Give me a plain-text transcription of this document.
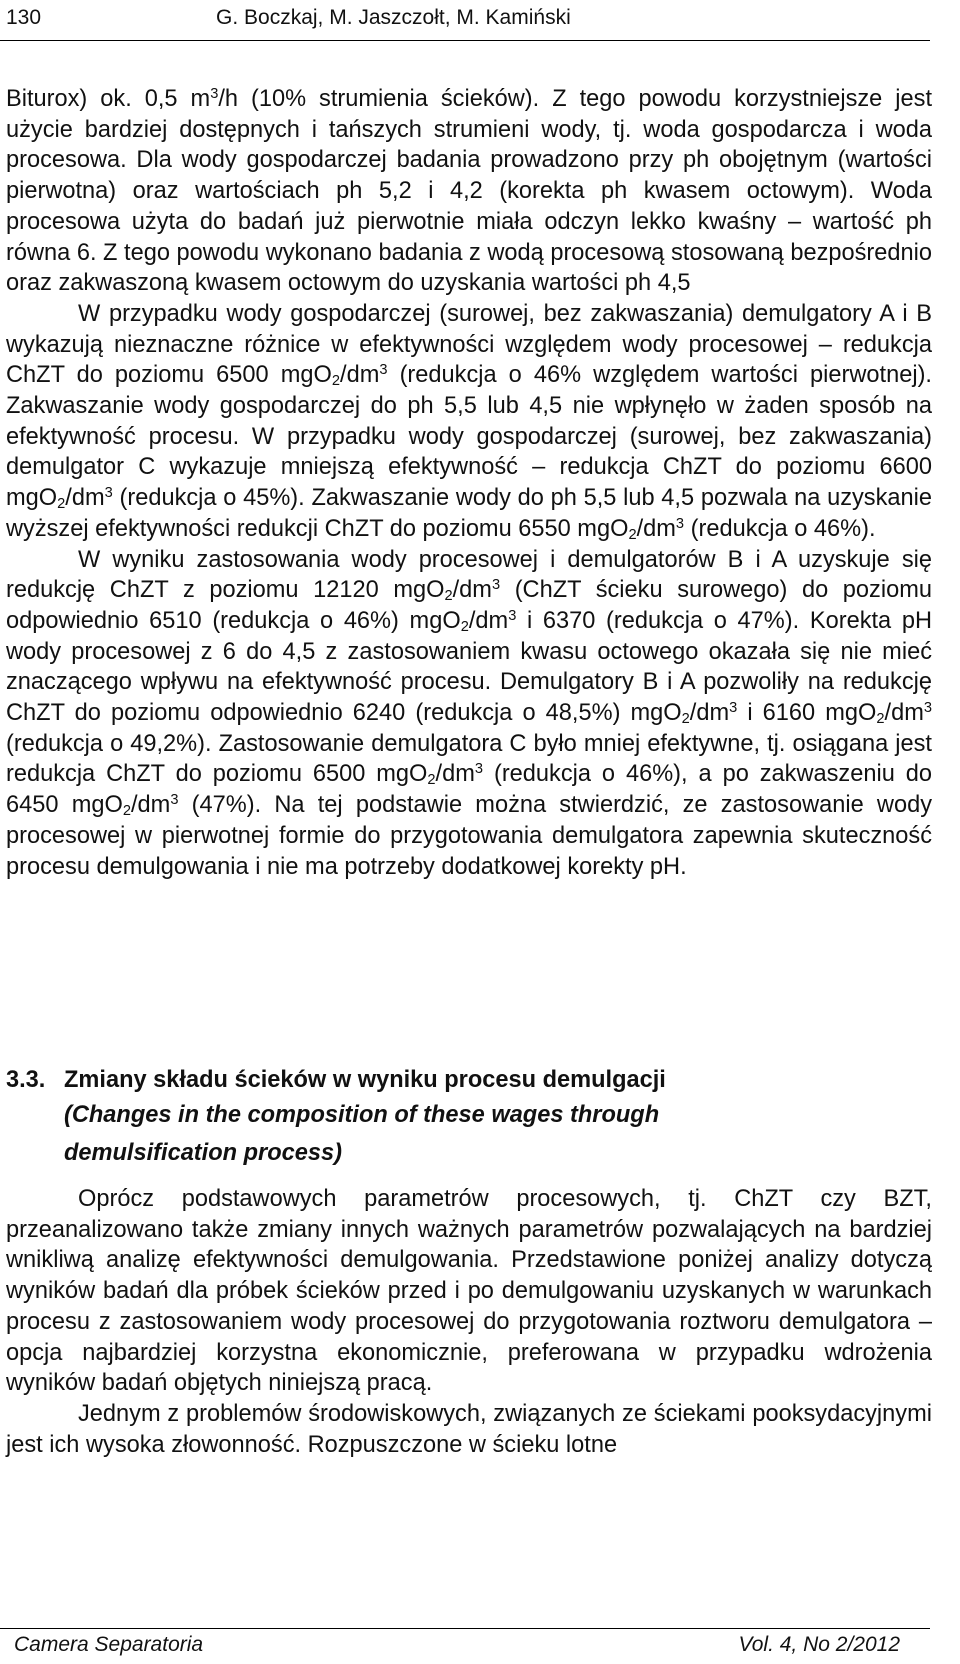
130	G. Boczkaj, M. Jaszczołt, M. Kamiński

Biturox) ok. 0,5 $m^3/h$ (10% strumienia ścieków). Z tego powodu korzystniejsze jest użycie bardziej dostępnych i tańszych strumieni wody, tj. woda gospodarcza i woda procesowa. Dla wody gospodarczej badania prowadzono przy ph obojętnym (wartości pierwotna) oraz wartościach ph 5,2 i 4,2 (korekta ph kwasem octowym). Woda procesowa użyta do badań już pierwotnie miała odczyn lekko kwaśny – wartość ph równa 6. Z tego powodu wykonano badania z wodą procesową stosowaną bezpośrednio oraz zakwaszoną kwasem octowym do uzyskania wartości ph 4,5

W przypadku wody gospodarczej (surowej, bez zakwaszania) demulgatory A i B wykazują nieznaczne różnice w efektywności względem wody procesowej – redukcja ChZT do poziomu 6500 $mgO_2/dm^3$ (redukcja o 46% względem wartości pierwotnej). Zakwaszanie wody gospodarczej do ph 5,5 lub 4,5 nie wpłynęło w żaden sposób na efektywność procesu. W przypadku wody gospodarczej (surowej, bez zakwaszania) demulgator C wykazuje mniejszą efektywność – redukcja ChZT do poziomu 6600 $mgO_2/dm^3$ (redukcja o 45%). Zakwaszanie wody do ph 5,5 lub 4,5 pozwala na uzyskanie wyższej efektywności redukcji ChZT do poziomu 6550 $mgO_2/dm^3$ (redukcja o 46%).

W wyniku zastosowania wody procesowej i demulgatorów B i A uzyskuje się redukcję ChZT z poziomu 12120 $mgO_2/dm^3$ (ChZT ścieku surowego) do poziomu odpowiednio 6510 (redukcja o 46%) $mgO_2/dm^3$ i 6370 (redukcja o 47%). Korekta pH wody procesowej z 6 do 4,5 z zastosowaniem kwasu octowego okazała się nie mieć znaczącego wpływu na efektywność procesu. Demulgatory B i A pozwoliły na redukcję ChZT do poziomu odpowiednio 6240 (redukcja o 48,5%) $mgO_2/dm^3$ i 6160 $mgO_2/dm^3$ (redukcja o 49,2%). Zastosowanie demulgatora C było mniej efektywne, tj. osiągana jest redukcja ChZT do poziomu 6500 $mgO_2/dm^3$ (redukcja o 46%), a po zakwaszeniu do 6450 $mgO_2/dm^3$ (47%). Na tej podstawie można stwierdzić, ze zastosowanie wody procesowej w pierwotnej formie do przygotowania demulgatora zapewnia skuteczność procesu demulgowania i nie ma potrzeby dodatkowej korekty pH.

3.3. Zmiany składu ścieków w wyniku procesu demulgacji
(Changes in the composition of these wages through demulsification process)

Oprócz podstawowych parametrów procesowych, tj. ChZT czy BZT, przeanalizowano także zmiany innych ważnych parametrów pozwalających na bardziej wnikliwą analizę efektywności demulgowania. Przedstawione poniżej analizy dotyczą wyników badań dla próbek ścieków przed i po demulgowaniu uzyskanych w warunkach procesu z zastosowaniem wody procesowej do przygotowania roztworu demulgatora – opcja najbardziej korzystna ekonomicznie, preferowana w przypadku wdrożenia wyników badań objętych niniejszą pracą.

Jednym z problemów środowiskowych, związanych ze ściekami pooksydacyjnymi jest ich wysoka złowonność. Rozpuszczone w ścieku lotne

Camera Separatoria	Vol. 4, No 2/2012
